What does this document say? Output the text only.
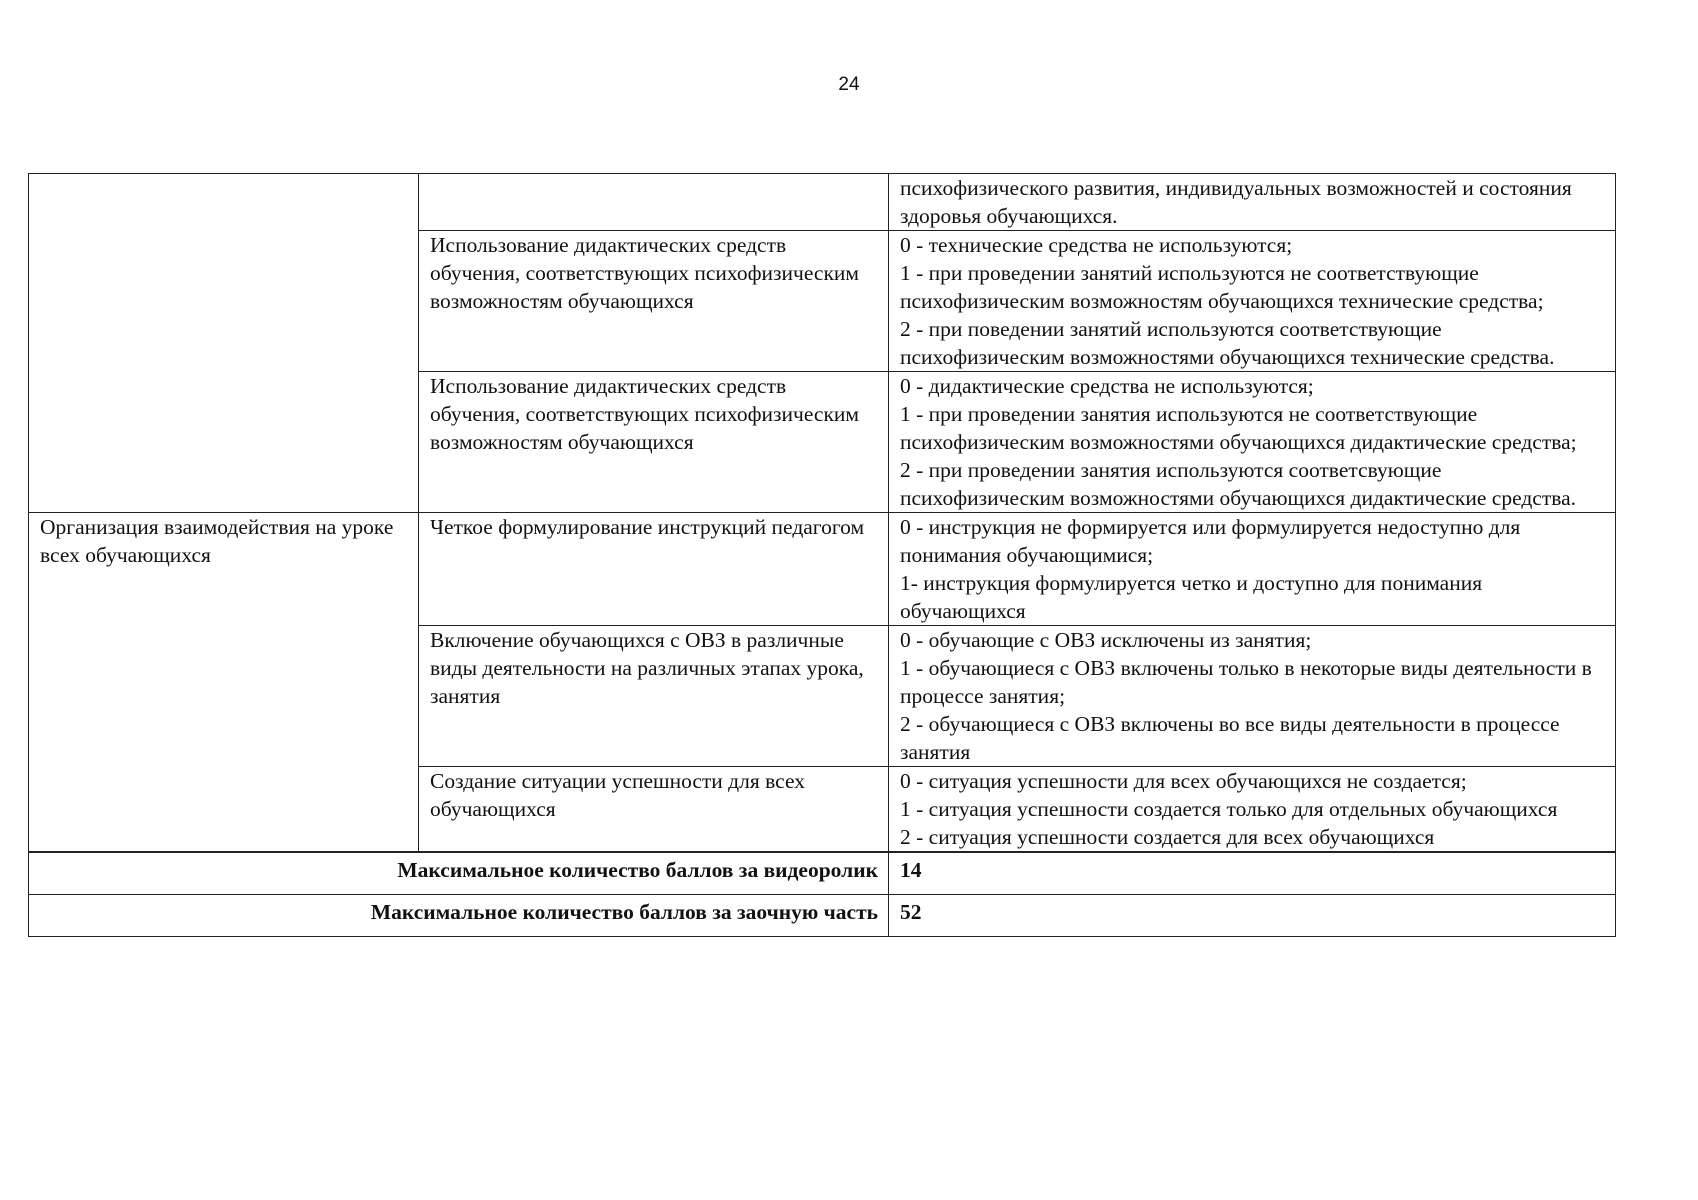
24

		психофизического развития, индивидуальных возможностей и состояния здоровья обучающихся.

	Использование дидактических средств обучения, соответствующих психофизическим возможностям обучающихся	0 - технические средства не используются;
1 - при проведении занятий используются не соответствующие психофизическим возможностям обучающихся технические средства;
2 - при поведении занятий используются соответствующие психофизическим возможностями обучающихся технические средства.

	Использование дидактических средств обучения, соответствующих психофизическим возможностям обучающихся	0 - дидактические средства не используются;
1 - при проведении занятия используются не соответствующие психофизическим возможностями обучающихся дидактические средства;
2 - при проведении занятия используются соответсвующие психофизическим возможностями обучающихся дидактические средства.

Организация взаимодействия на уроке всех обучающихся	Четкое формулирование инструкций педагогом	0 - инструкция не формируется или формулируется недоступно для понимания обучающимися;
1- инструкция формулируется четко и доступно для понимания обучающихся

	Включение обучающихся с ОВЗ в различные виды деятельности на различных этапах урока, занятия	0 - обучающие с ОВЗ исключены из занятия;
1 - обучающиеся с ОВЗ включены только в некоторые виды деятельности в процессе занятия;
2 - обучающиеся с ОВЗ включены во все виды деятельности в процессе занятия

	Создание ситуации успешности для всех обучающихся	0 - ситуация успешности для всех обучающихся не создается;
1 - ситуация успешности создается только для отдельных обучающихся
2 - ситуация успешности создается для всех обучающихся

Максимальное количество баллов за видеоролик		14
Максимальное количество баллов за заочную часть		52
